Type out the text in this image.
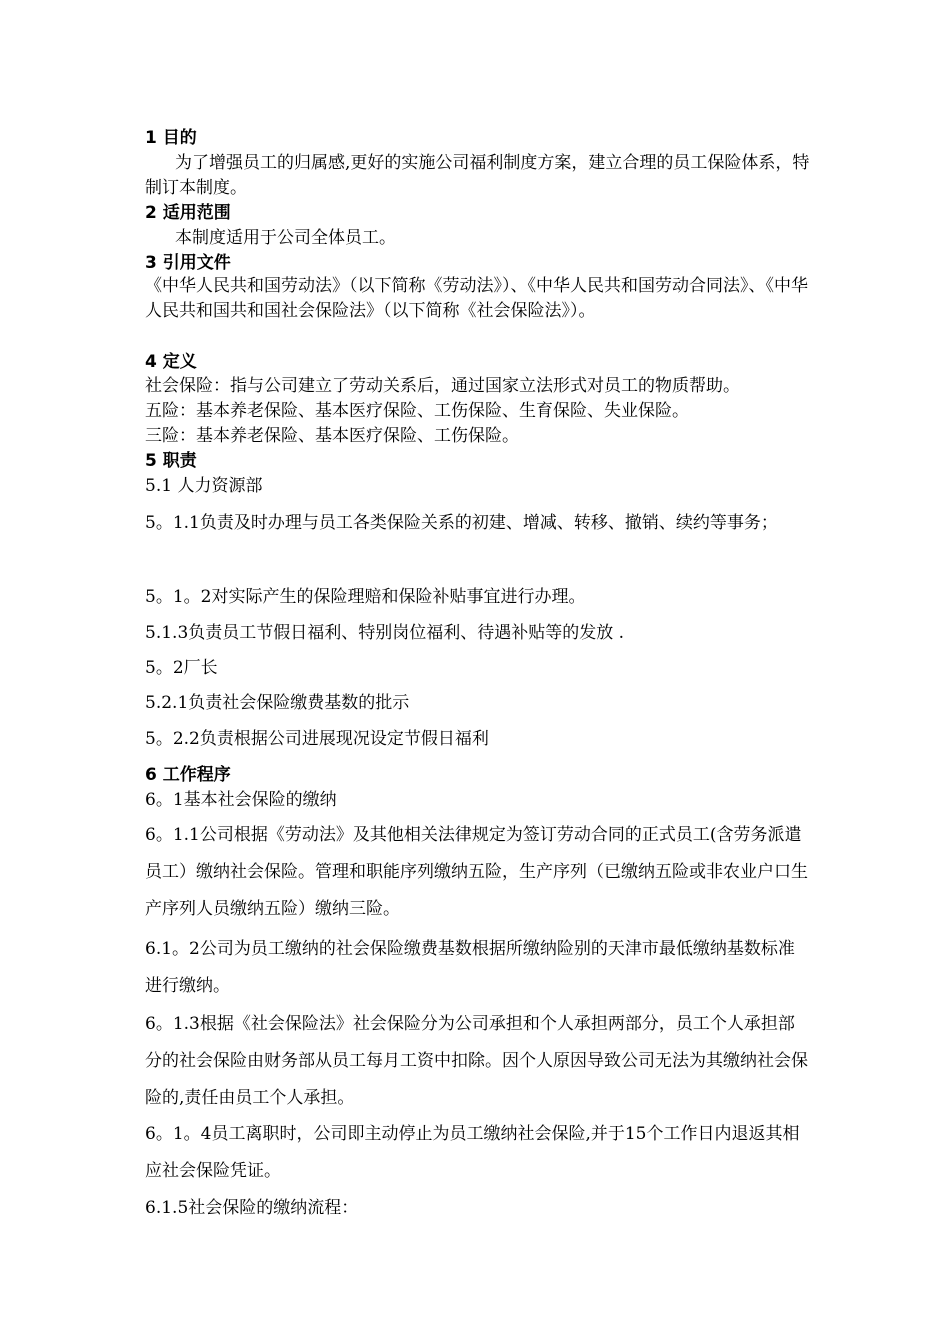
1 目的
为了增强员工的归属感,更好的实施公司福利制度方案，建立合理的员工保险体系，特制订本制度。
2 适用范围
本制度适用于公司全体员工。
3 引用文件
《中华人民共和国劳动法》（以下简称《劳动法》）、《中华人民共和国劳动合同法》、《中华人民共和国共和国社会保险法》（以下简称《社会保险法》）。
4 定义
社会保险：指与公司建立了劳动关系后，通过国家立法形式对员工的物质帮助。
五险：基本养老保险、基本医疗保险、工伤保险、生育保险、失业保险。
三险：基本养老保险、基本医疗保险、工伤保险。
5 职责
5.1 人力资源部
5。1.1负责及时办理与员工各类保险关系的初建、增减、转移、撤销、续约等事务；
5。1。2对实际产生的保险理赔和保险补贴事宜进行办理。
5.1.3负责员工节假日福利、特别岗位福利、待遇补贴等的发放 .
5。2厂长
5.2.1负责社会保险缴费基数的批示
5。2.2负责根据公司进展现况设定节假日福利
6 工作程序
6。1基本社会保险的缴纳
6。1.1公司根据《劳动法》及其他相关法律规定为签订劳动合同的正式员工(含劳务派遣员工）缴纳社会保险。管理和职能序列缴纳五险，生产序列（已缴纳五险或非农业户口生产序列人员缴纳五险）缴纳三险。
6.1。2公司为员工缴纳的社会保险缴费基数根据所缴纳险别的天津市最低缴纳基数标准进行缴纳。
6。1.3根据《社会保险法》社会保险分为公司承担和个人承担两部分，员工个人承担部分的社会保险由财务部从员工每月工资中扣除。因个人原因导致公司无法为其缴纳社会保险的,责任由员工个人承担。
6。1。4员工离职时，公司即主动停止为员工缴纳社会保险,并于15个工作日内退返其相应社会保险凭证。
6.1.5社会保险的缴纳流程：
